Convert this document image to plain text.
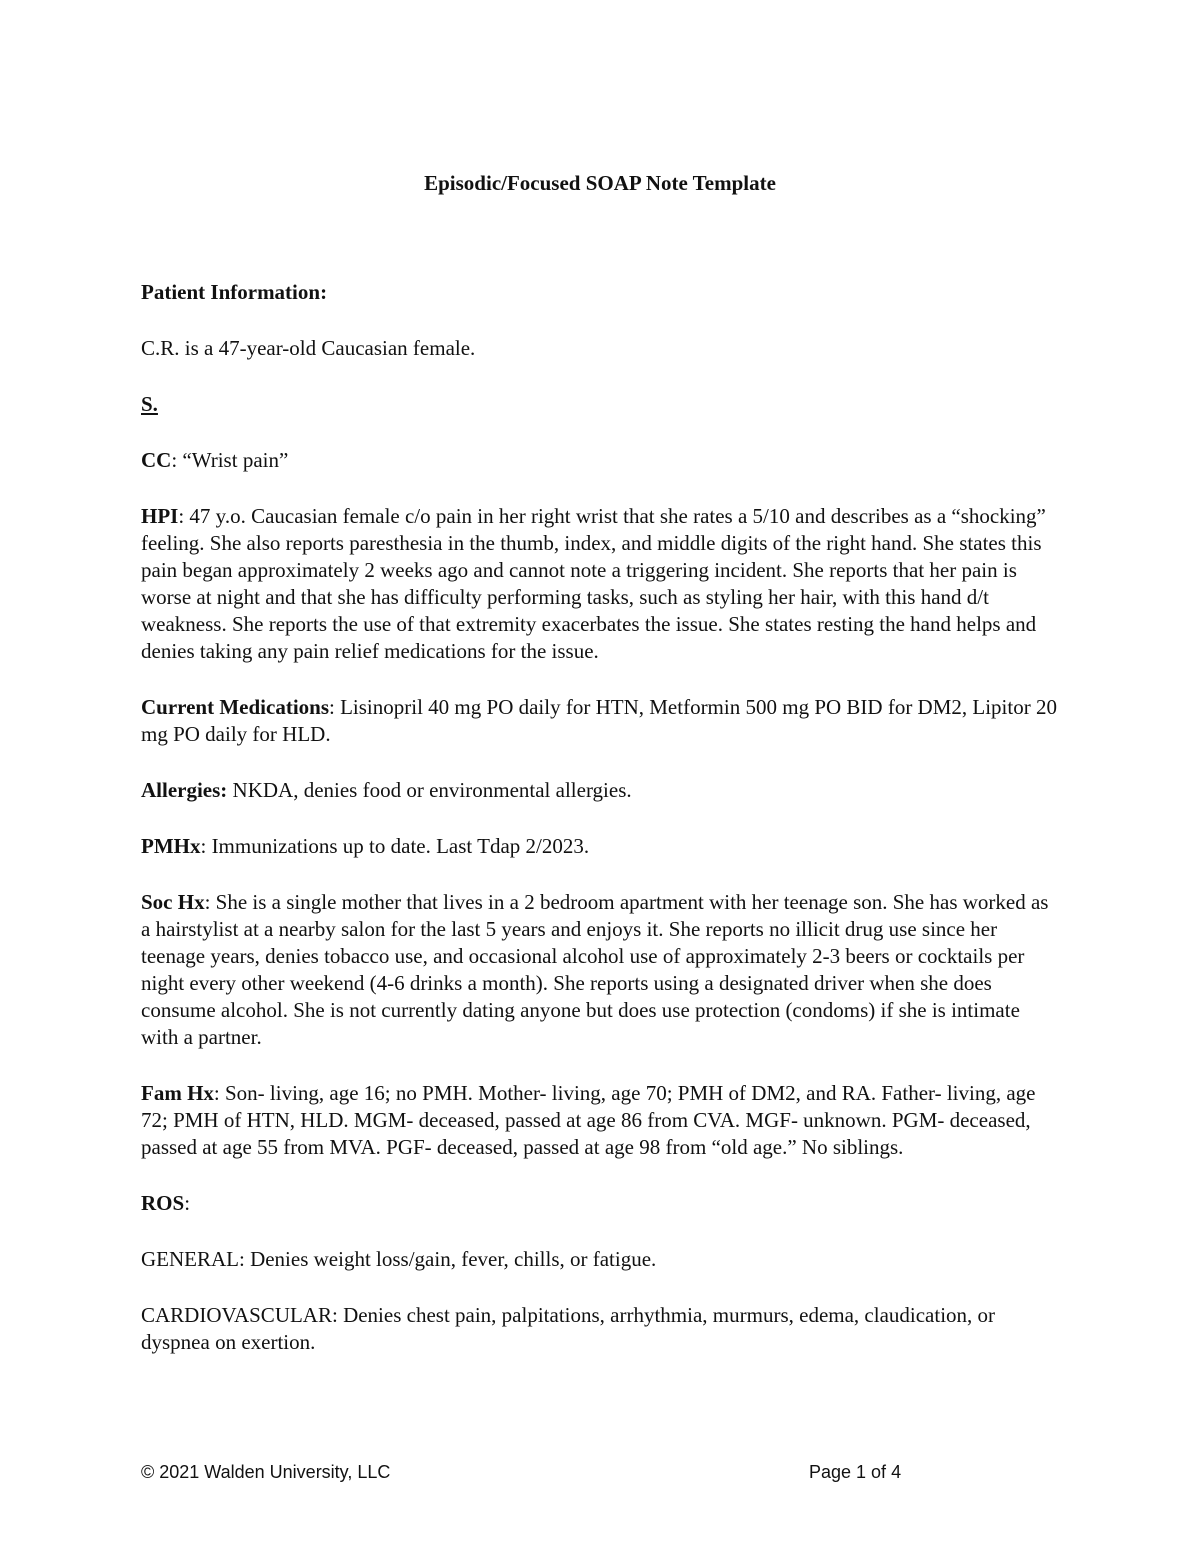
Episodic/Focused SOAP Note Template

Patient Information:

C.R. is a 47-year-old Caucasian female.

S.

CC: “Wrist pain”

HPI: 47 y.o. Caucasian female c/o pain in her right wrist that she rates a 5/10 and describes as a “shocking” feeling. She also reports paresthesia in the thumb, index, and middle digits of the right hand. She states this pain began approximately 2 weeks ago and cannot note a triggering incident. She reports that her pain is worse at night and that she has difficulty performing tasks, such as styling her hair, with this hand d/t weakness. She reports the use of that extremity exacerbates the issue. She states resting the hand helps and denies taking any pain relief medications for the issue.

Current Medications: Lisinopril 40 mg PO daily for HTN, Metformin 500 mg PO BID for DM2, Lipitor 20 mg PO daily for HLD.

Allergies: NKDA, denies food or environmental allergies.

PMHx: Immunizations up to date. Last Tdap 2/2023.

Soc Hx: She is a single mother that lives in a 2 bedroom apartment with her teenage son. She has worked as a hairstylist at a nearby salon for the last 5 years and enjoys it. She reports no illicit drug use since her teenage years, denies tobacco use, and occasional alcohol use of approximately 2-3 beers or cocktails per night every other weekend (4-6 drinks a month). She reports using a designated driver when she does consume alcohol. She is not currently dating anyone but does use protection (condoms) if she is intimate with a partner.

Fam Hx: Son- living, age 16; no PMH. Mother- living, age 70; PMH of DM2, and RA. Father- living, age 72; PMH of HTN, HLD. MGM- deceased, passed at age 86 from CVA. MGF- unknown. PGM- deceased, passed at age 55 from MVA. PGF- deceased, passed at age 98 from “old age.” No siblings.

ROS:

GENERAL: Denies weight loss/gain, fever, chills, or fatigue.

CARDIOVASCULAR: Denies chest pain, palpitations, arrhythmia, murmurs, edema, claudication, or dyspnea on exertion.

© 2021 Walden University, LLC	Page 1 of 4
